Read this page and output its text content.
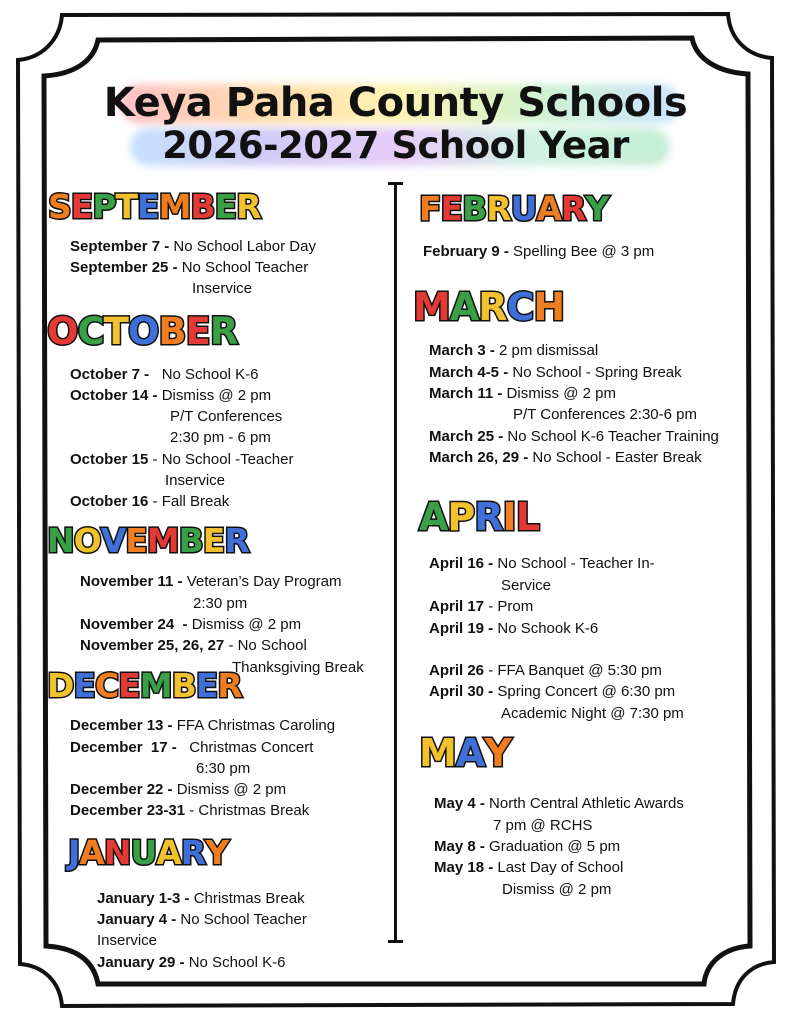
Keya Paha County Schools
2026-2027 School Year
SEPTEMBER
OCTOBER
NOVEMBER
DECEMBER
JANUARY
FEBRUARY
MARCH
APRIL
MAY
September 7 - No School Labor Day
September 25 - No School Teacher
Inservice
October 7 -   No School K-6
October 14 - Dismiss @ 2 pm
P/T Conferences
2:30 pm - 6 pm
October 15 - No School -Teacher
Inservice
October 16 - Fall Break
November 11 - Veteran’s Day Program
2:30 pm
November 24  - Dismiss @ 2 pm
November 25, 26, 27 - No School
Thanksgiving Break
December 13 - FFA Christmas Caroling
December  17 -   Christmas Concert
6:30 pm
December 22 - Dismiss @ 2 pm
December 23-31 - Christmas Break
January 1-3 - Christmas Break
January 4 - No School Teacher
Inservice
January 29 - No School K-6
February 9 - Spelling Bee @ 3 pm
March 3 - 2 pm dismissal
March 4-5 - No School - Spring Break
March 11 - Dismiss @ 2 pm
P/T Conferences 2:30-6 pm
March 25 - No School K-6 Teacher Training
March 26, 29 - No School - Easter Break
April 16 - No School - Teacher In-
Service
April 17 - Prom
April 19 - No Schook K-6
April 26 - FFA Banquet @ 5:30 pm
April 30 - Spring Concert @ 6:30 pm
Academic Night @ 7:30 pm
May 4 - North Central Athletic Awards
7 pm @ RCHS
May 8 - Graduation @ 5 pm
May 18 - Last Day of School
Dismiss @ 2 pm
